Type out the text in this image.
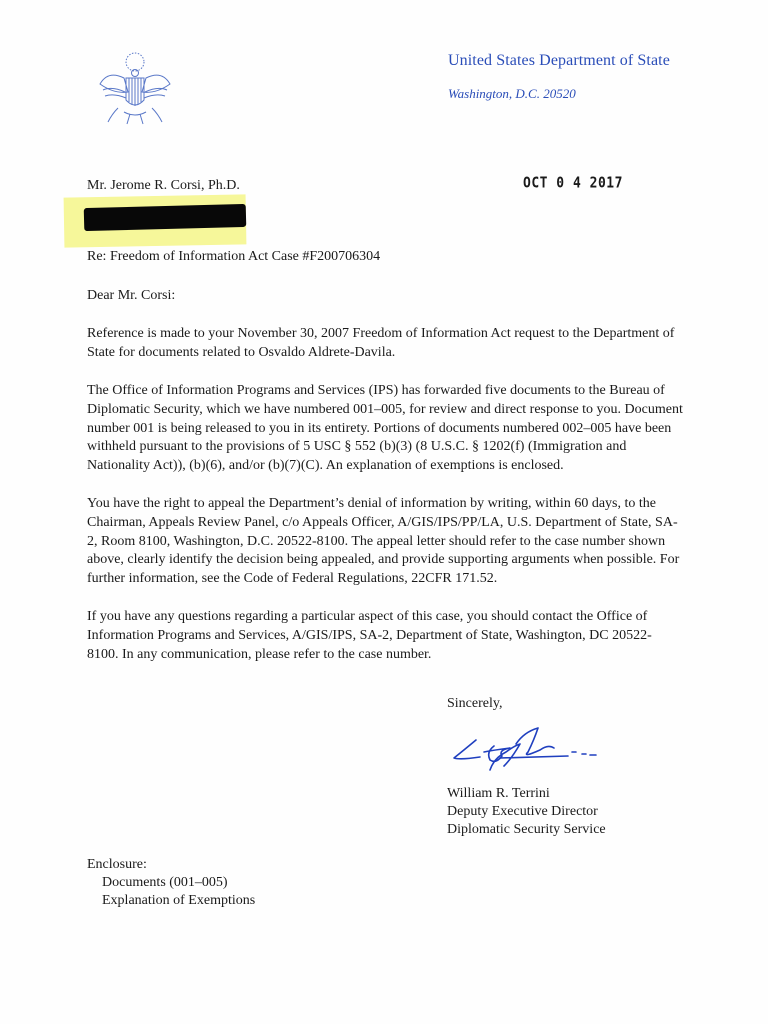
United States Department of State
Washington, D.C. 20520
Mr. Jerome R. Corsi, Ph.D.	OCT 0 4 2017
Re: Freedom of Information Act Case #F200706304

Dear Mr. Corsi:

Reference is made to your November 30, 2007 Freedom of Information Act request to the Department of State for documents related to Osvaldo Aldrete-Davila.

The Office of Information Programs and Services (IPS) has forwarded five documents to the Bureau of Diplomatic Security, which we have numbered 001–005, for review and direct response to you. Document number 001 is being released to you in its entirety. Portions of documents numbered 002–005 have been withheld pursuant to the provisions of 5 USC § 552 (b)(3) (8 U.S.C. § 1202(f) (Immigration and Nationality Act)), (b)(6), and/or (b)(7)(C). An explanation of exemptions is enclosed.

You have the right to appeal the Department’s denial of information by writing, within 60 days, to the Chairman, Appeals Review Panel, c/o Appeals Officer, A/GIS/IPS/PP/LA, U.S. Department of State, SA-2, Room 8100, Washington, D.C. 20522-8100. The appeal letter should refer to the case number shown above, clearly identify the decision being appealed, and provide supporting arguments when possible. For further information, see the Code of Federal Regulations, 22CFR 171.52.

If you have any questions regarding a particular aspect of this case, you should contact the Office of Information Programs and Services, A/GIS/IPS, SA-2, Department of State, Washington, DC 20522-8100. In any communication, please refer to the case number.

Sincerely,
William R. Terrini
Deputy Executive Director
Diplomatic Security Service
Enclosure:
Documents (001–005)
Explanation of Exemptions
